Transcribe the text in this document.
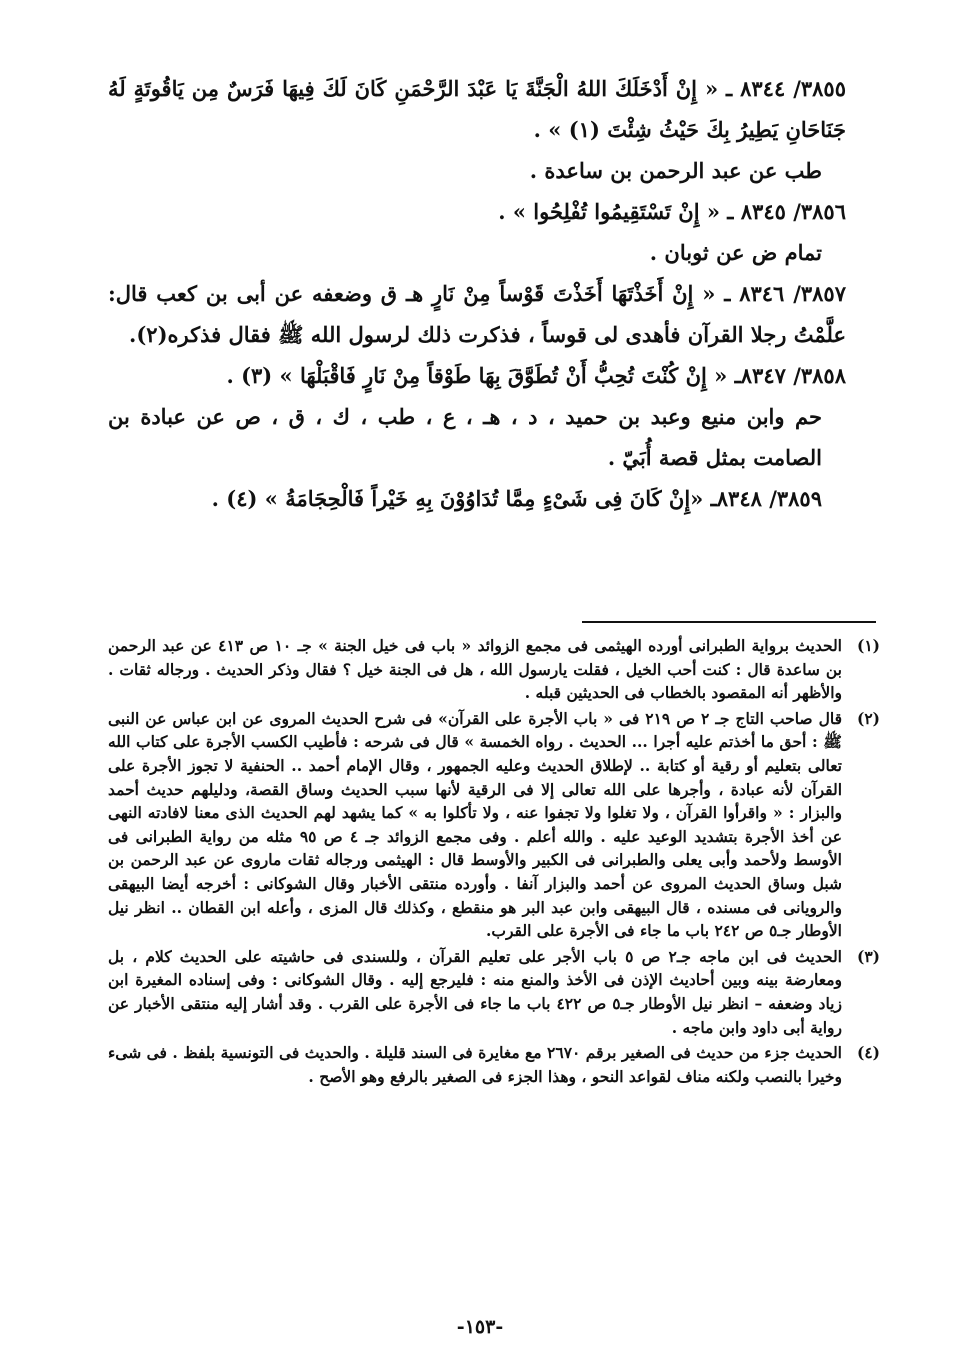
٣٨٥٥/ ٨٣٤٤ ـ « إِنْ أَدْخَلَكَ اللهُ الْجَنَّةَ يَا عَبْدَ الرَّحْمَنِ كَانَ لَكَ فِيهَا فَرَسٌ مِن يَاقُوتَةٍ لَهُ جَنَاحَانِ يَطِيرُ بِكَ حَيْثُ شِئْتَ (١) » .

طب عن عبد الرحمن بن ساعدة .

٣٨٥٦/ ٨٣٤٥ ـ « إِنْ تَسْتَقِيمُوا تُفْلِحُوا » .

تمام ض عن ثوبان .

٣٨٥٧/ ٨٣٤٦ ـ « إِنْ أَخَذْتَهَا أَخَذْتَ قَوْساً مِنْ نَارٍ هـ ق وضعفه عن أبى بن كعب قال: علَّمْتُ رجلا القرآن فأهدى لى قوساً ، فذكرت ذلك لرسول الله ﷺ فقال فذكره(٢).

٣٨٥٨/ ٨٣٤٧ـ « إِنْ كُنْتَ تُحِبُّ أَنْ تُطَوَّقَ بِهَا طَوْقاً مِنْ نَارٍ فَاقْبَلْهَا » (٣) .

حم وابن منيع وعبد بن حميد ، د ، هـ ، ع ، طب ، ك ، ق ، ص عن عبادة بن الصامت بمثل قصة أُبَيّ .

٣٨٥٩/ ٨٣٤٨ـ «إِنْ كَانَ فِى شَىْءٍ مِمَّا تُدَاوُوْنَ بِهِ خَيْراً فَالْحِجَامَةُ » (٤) .

(١)
الحديث برواية الطبرانى أورده الهيثمى فى مجمع الزوائد « باب فى خيل الجنة » جـ ١٠ ص ٤١٣ عن عبد الرحمن بن ساعدة قال : كنت أحب الخيل ، فقلت يارسول الله ، هل فى الجنة خيل ؟ فقال وذكر الحديث . ورجاله ثقات . والأظهر أنه المقصود بالخطاب فى الحديثين قبله .
(٢)
قال صاحب التاج جـ ٢ ص ٢١٩ فى « باب الأجرة على القرآن» فى شرح الحديث المروى عن ابن عباس عن النبى ﷺ : أحق ما أخذتم عليه أجرا ... الحديث . رواه الخمسة » قال فى شرحه : فأطيب الكسب الأجرة على كتاب الله تعالى بتعليم أو رقية أو كتابة .. لإطلاق الحديث وعليه الجمهور ، وقال الإمام أحمد .. الحنفية لا تجوز الأجرة على القرآن لأنه عبادة ، وأجرها على الله تعالى إلا فى الرقية لأنها سبب الحديث وساق القصة، ودليلهم حديث أحمد والبزار : « واقرأوا القرآن ، ولا تغلوا ولا تجفوا عنه ، ولا تأكلوا به » كما يشهد لهم الحديث الذى معنا لافادته النهى عن أخذ الأجرة بتشديد الوعيد عليه . والله أعلم . وفى مجمع الزوائد جـ ٤ ص ٩٥ مثله من رواية الطبرانى فى الأوسط ولأحمد وأبى يعلى والطبرانى فى الكبير والأوسط قال : الهيثمى ورجاله ثقات ماروى عن عبد الرحمن بن شبل وساق الحديث المروى عن أحمد والبزار آنفا . وأورده منتقى الأخبار وقال الشوكانى : أخرجه أيضا البيهقى والرويانى فى مسنده ، قال البيهقى وابن عبد البر هو منقطع ، وكذلك قال المزى ، وأعله ابن القطان .. انظر نيل الأوطار جـ٥ ص ٢٤٢ باب ما جاء فى الأجرة على القرب.
(٣)
الحديث فى ابن ماجه جـ٢ ص ٥ باب الأجر على تعليم القرآن ، وللسندى فى حاشيته على الحديث كلام ، بل ومعارضة بينه وبين أحاديث الإذن فى الأخذ والمنع منه : فليرجع إليه . وقال الشوكانى : وفى إسناده المغيرة ابن زياد وضعفه – انظر نيل الأوطار جـ٥ ص ٤٢٢ باب ما جاء فى الأجرة على القرب . وقد أشار إليه منتقى الأخبار عن رواية أبى داود وابن ماجه .
(٤)
الحديث جزء من حديث فى الصغير برقم ٢٦٧٠ مع مغايرة فى السند قليلة . والحديث فى التونسية بلفظ . فى شىء وخيرا بالنصب ولكنه مناف لقواعد النحو ، وهذا الجزء فى الصغير بالرفع وهو الأصح .
-١٥٣-
